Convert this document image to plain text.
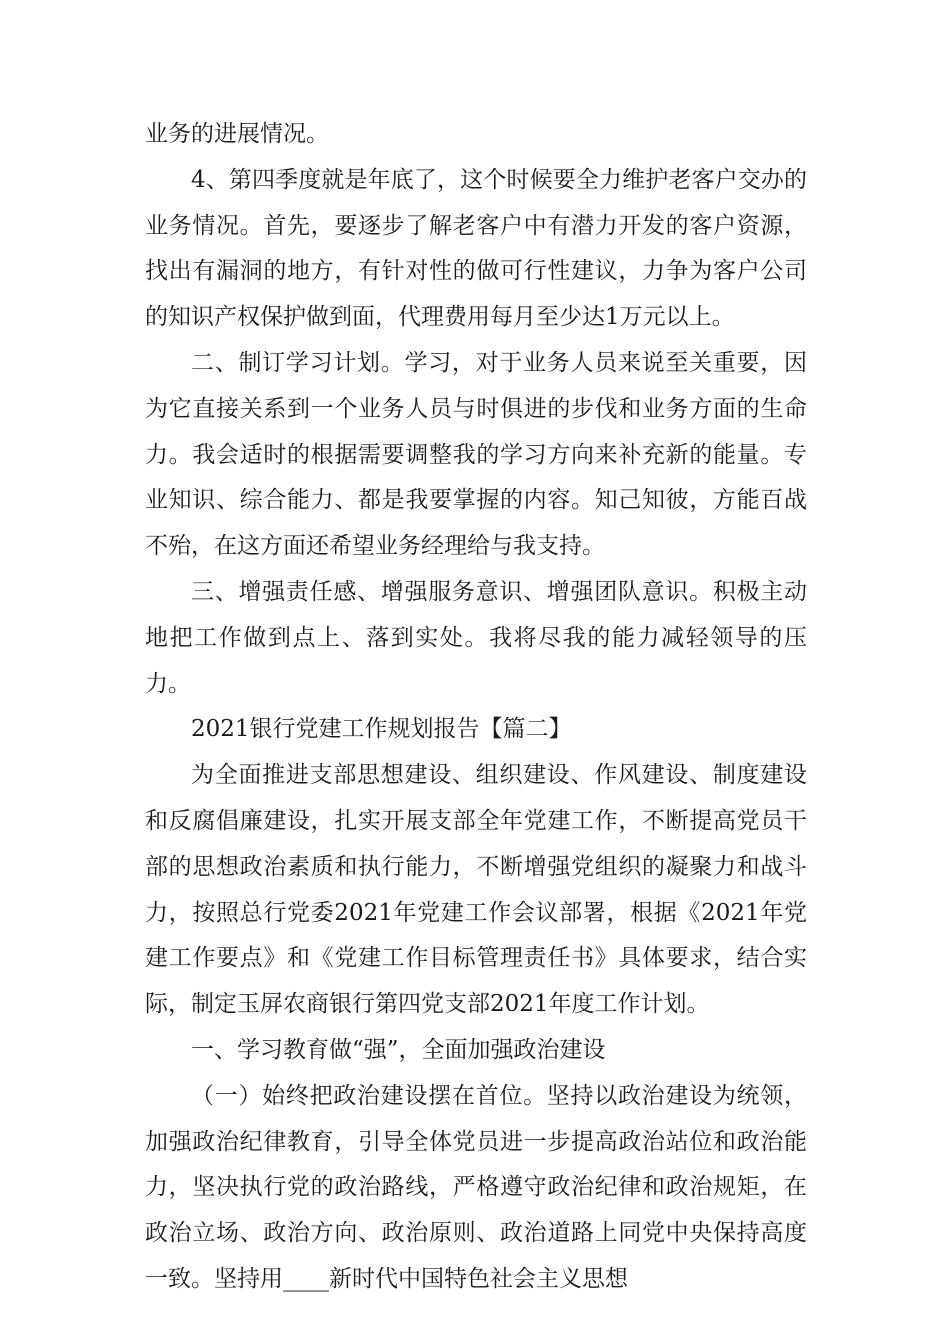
业务的进展情况。

4、第四季度就是年底了，这个时候要全力维护老客户交办的业务情况。首先，要逐步了解老客户中有潜力开发的客户资源，找出有漏洞的地方，有针对性的做可行性建议，力争为客户公司的知识产权保护做到面，代理费用每月至少达1万元以上。

二、制订学习计划。学习，对于业务人员来说至关重要，因为它直接关系到一个业务人员与时俱进的步伐和业务方面的生命力。我会适时的根据需要调整我的学习方向来补充新的能量。专业知识、综合能力、都是我要掌握的内容。知己知彼，方能百战不殆，在这方面还希望业务经理给与我支持。

三、增强责任感、增强服务意识、增强团队意识。积极主动地把工作做到点上、落到实处。我将尽我的能力减轻领导的压力。

2021银行党建工作规划报告【篇二】

为全面推进支部思想建设、组织建设、作风建设、制度建设和反腐倡廉建设，扎实开展支部全年党建工作，不断提高党员干部的思想政治素质和执行能力，不断增强党组织的凝聚力和战斗力，按照总行党委2021年党建工作会议部署，根据《2021年党建工作要点》和《党建工作目标管理责任书》具体要求，结合实际，制定玉屏农商银行第四党支部2021年度工作计划。

一、学习教育做“强”，全面加强政治建设

（一）始终把政治建设摆在首位。坚持以政治建设为统领，加强政治纪律教育，引导全体党员进一步提高政治站位和政治能力，坚决执行党的政治路线，严格遵守政治纪律和政治规矩，在政治立场、政治方向、政治原则、政治道路上同党中央保持高度一致。坚持用____新时代中国特色社会主义思想
